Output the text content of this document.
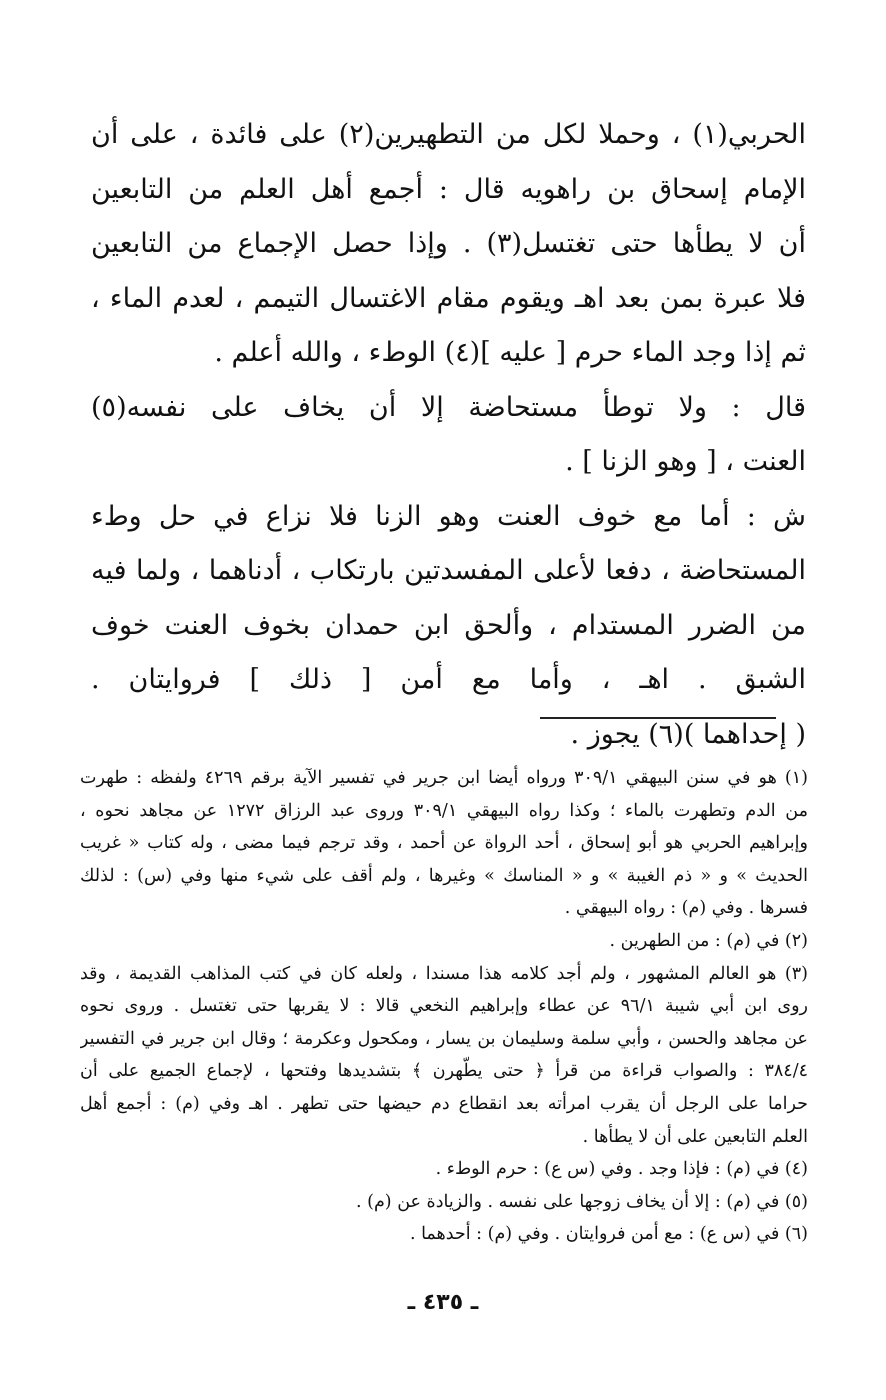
الحربي(١) ، وحملا لكل من التطهيرين(٢) على فائدة ، على أن
الإمام إسحاق بن راهويه قال : أجمع أهل العلم من التابعين
أن لا يطأها حتى تغتسل(٣) . وإذا حصل الإجماع من التابعين
فلا عبرة بمن بعد اهـ ويقوم مقام الاغتسال التيمم ، لعدم الماء ،
ثم إذا وجد الماء حرم [ عليه ](٤) الوطء ، والله أعلم .
قال : ولا توطأ مستحاضة إلا أن يخاف على نفسه(٥)
العنت ، [ وهو الزنا ] .
ش : أما مع خوف العنت وهو الزنا فلا نزاع في حل وطء
المستحاضة ، دفعا لأعلى المفسدتين بارتكاب ، أدناهما ، ولما فيه
من الضرر المستدام ، وألحق ابن حمدان بخوف العنت خوف
الشبق . اهـ ، وأما مع أمن [ ذلك ] فروايتان .
( إحداهما )(٦) يجوز .
(١) هو في سنن البيهقي ٣٠٩/١ ورواه أيضا ابن جرير في تفسير الآية برقم ٤٢٦٩ ولفظه : طهرت
من الدم وتطهرت بالماء ؛ وكذا رواه البيهقي ٣٠٩/١ وروى عبد الرزاق ١٢٧٢ عن مجاهد نحوه ،
وإبراهيم الحربي هو أبو إسحاق ، أحد الرواة عن أحمد ، وقد ترجم فيما مضى ، وله كتاب « غريب
الحديث » و « ذم الغيبة » و « المناسك » وغيرها ، ولم أقف على شيء منها وفي (س) : لذلك
فسرها . وفي (م) : رواه البيهقي .
(٢) في (م) : من الطهرين .
(٣) هو العالم المشهور ، ولم أجد كلامه هذا مسندا ، ولعله كان في كتب المذاهب القديمة ، وقد
روى ابن أبي شيبة ٩٦/١ عن عطاء وإبراهيم النخعي قالا : لا يقربها حتى تغتسل . وروى نحوه
عن مجاهد والحسن ، وأبي سلمة وسليمان بن يسار ، ومكحول وعكرمة ؛ وقال ابن جرير في التفسير
٣٨٤/٤ : والصواب قراءة من قرأ ﴿ حتى يطّهرن ﴾ بتشديدها وفتحها ، لإجماع الجميع على أن
حراما على الرجل أن يقرب امرأته بعد انقطاع دم حيضها حتى تطهر . اهـ وفي (م) : أجمع أهل
العلم التابعين على أن لا يطأها .
(٤) في (م) : فإذا وجد . وفي (س ع) : حرم الوطء .
(٥) في (م) : إلا أن يخاف زوجها على نفسه . والزيادة عن (م) .
(٦) في (س ع) : مع أمن فروايتان . وفي (م) : أحدهما .
ـ ٤٣٥ ـ
